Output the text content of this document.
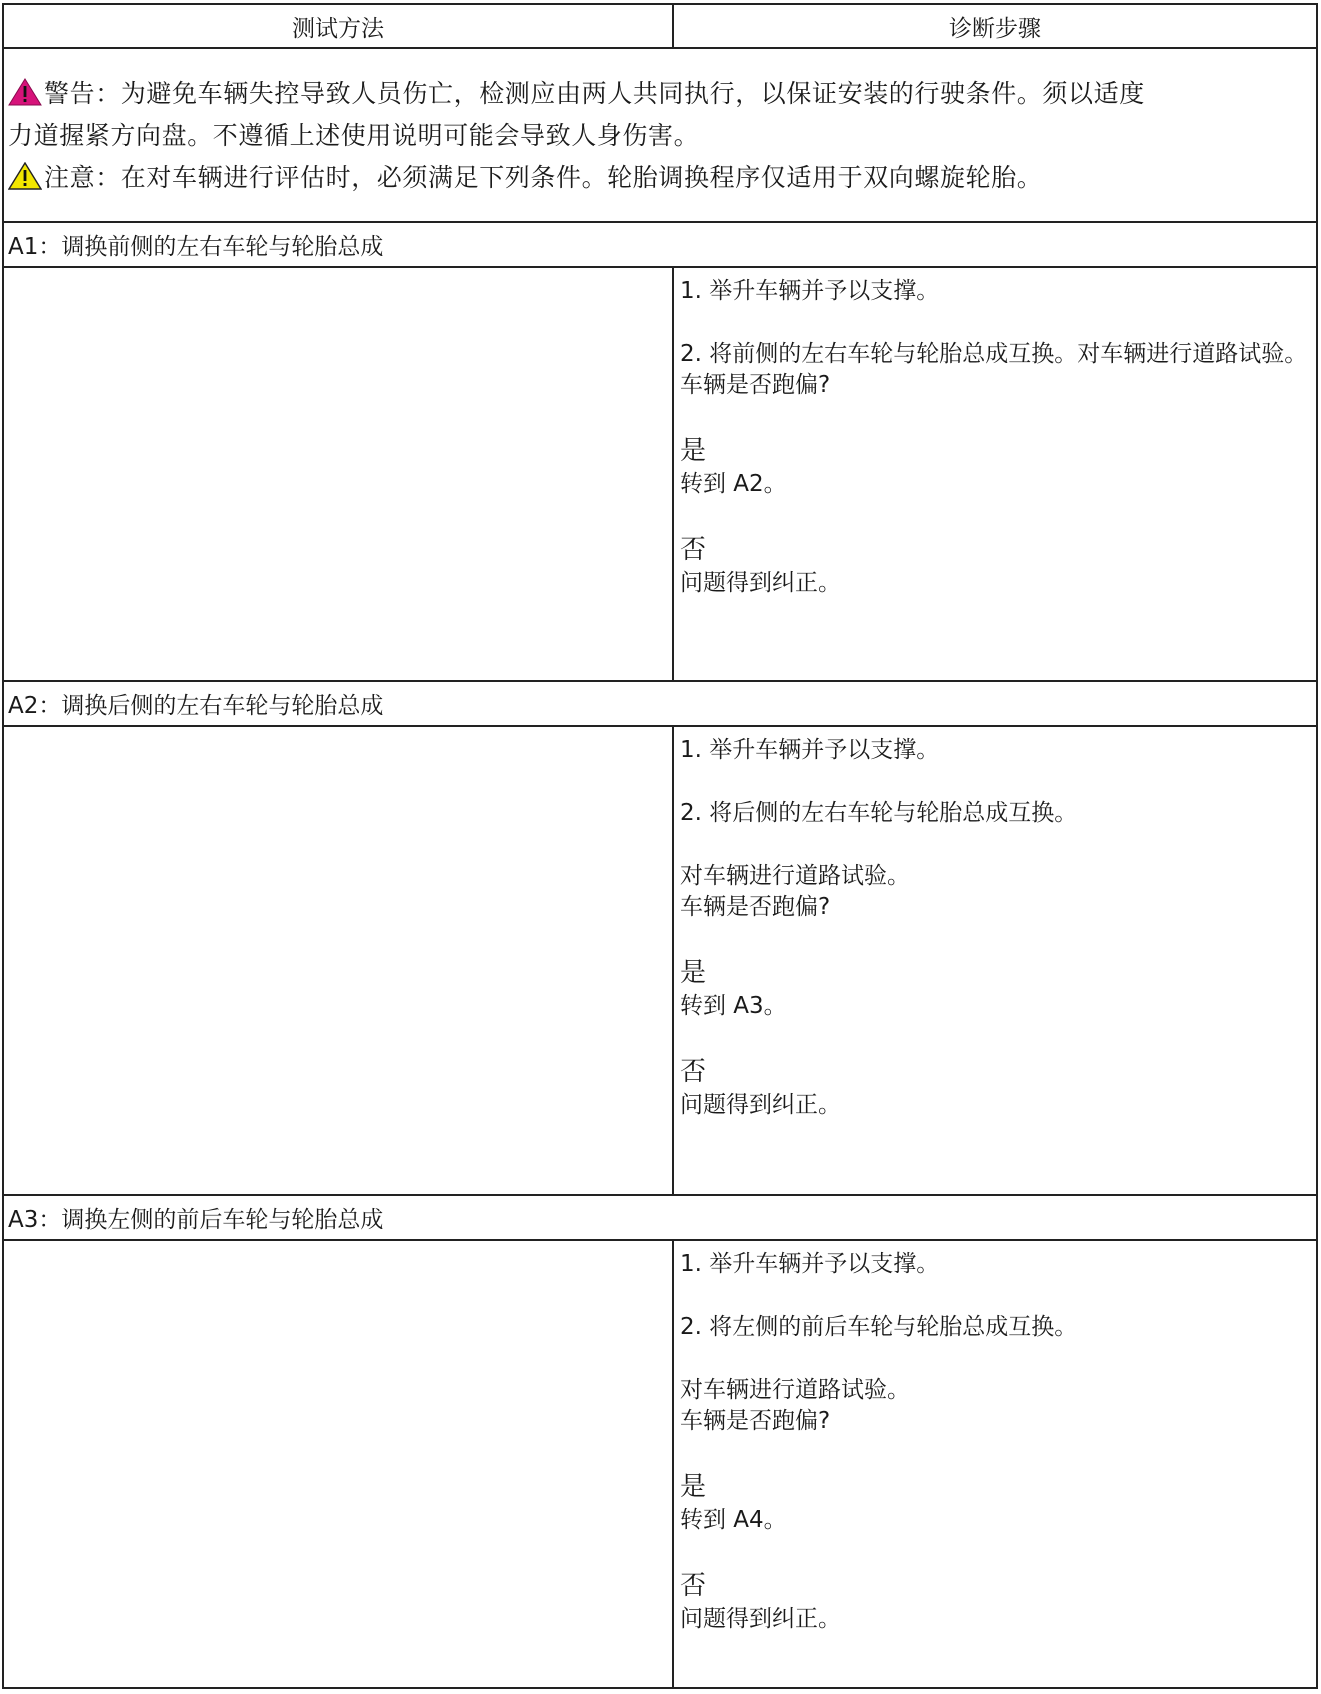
测试方法	诊断步骤
警告：为避免车辆失控导致人员伤亡，检测应由两人共同执行，以保证安装的行驶条件。须以适度
力道握紧方向盘。不遵循上述使用说明可能会导致人身伤害。
注意：在对车辆进行评估时，必须满足下列条件。轮胎调换程序仅适用于双向螺旋轮胎。
A1：调换前侧的左右车轮与轮胎总成

1. 举升车辆并予以支撑。

2. 将前侧的左右车轮与轮胎总成互换。对车辆进行道路试验。

车辆是否跑偏?

是

转到 A2。

否

问题得到纠正。

A2：调换后侧的左右车轮与轮胎总成

1. 举升车辆并予以支撑。

2. 将后侧的左右车轮与轮胎总成互换。

对车辆进行道路试验。

车辆是否跑偏?

是

转到 A3。

否

问题得到纠正。

A3：调换左侧的前后车轮与轮胎总成

1. 举升车辆并予以支撑。

2. 将左侧的前后车轮与轮胎总成互换。

对车辆进行道路试验。

车辆是否跑偏?

是

转到 A4。

否

问题得到纠正。
